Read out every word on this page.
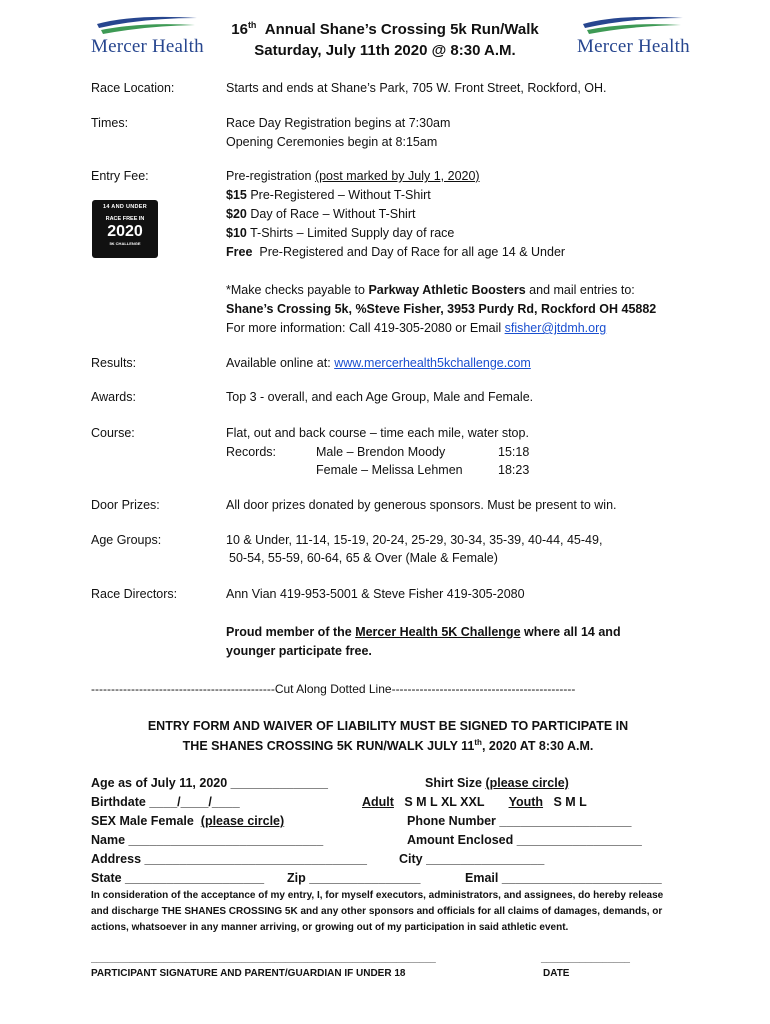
Mercer Health	Mercer Health
16th Annual Shane’s Crossing 5k Run/Walk
Saturday, July 11th 2020 @ 8:30 A.M.
Race Location:	Starts and ends at Shane’s Park, 705 W. Front Street, Rockford, OH.
Times:	Race Day Registration begins at 7:30am
Opening Ceremonies begin at 8:15am
Entry Fee:
14 AND UNDER
RACE FREE IN
2020
5K CHALLENGE
Pre-registration (post marked by July 1, 2020)
$15 Pre-Registered – Without T-Shirt
$20 Day of Race – Without T-Shirt
$10 T-Shirts – Limited Supply day of race
Free Pre-Registered and Day of Race for all age 14 & Under
*Make checks payable to Parkway Athletic Boosters and mail entries to:
Shane’s Crossing 5k, %Steve Fisher, 3953 Purdy Rd, Rockford OH 45882
For more information: Call 419-305-2080 or Email sfisher@jtdmh.org
Results:	Available online at: www.mercerhealth5kchallenge.com
Awards:	Top 3 - overall, and each Age Group, Male and Female.
Course:	Flat, out and back course – time each mile, water stop.
Records:	Male – Brendon Moody	15:18
Female – Melissa Lehmen	18:23
Door Prizes:	All door prizes donated by generous sponsors. Must be present to win.
Age Groups:	10 & Under, 11-14, 15-19, 20-24, 25-29, 30-34, 35-39, 40-44, 45-49,
50-54, 55-59, 60-64, 65 & Over (Male & Female)
Race Directors:	Ann Vian 419-953-5001 & Steve Fisher 419-305-2080
Proud member of the Mercer Health 5K Challenge where all 14 and
younger participate free.
----------------------------------------------Cut Along Dotted Line----------------------------------------------
ENTRY FORM AND WAIVER OF LIABILITY MUST BE SIGNED TO PARTICIPATE IN
THE SHANES CROSSING 5K RUN/WALK JULY 11th, 2020 AT 8:30 A.M.
Age as of July 11, 2020 ______________	Shirt Size (please circle)
Birthdate ____/____/____	Adult S M L XL XXL Youth S M L
SEX Male Female (please circle)	Phone Number ___________________
Name ____________________________	Amount Enclosed __________________
Address ________________________________	City _________________
State ____________________ Zip ________________	Email _______________________
In consideration of the acceptance of my entry, I, for myself executors, administrators, and assignees, do hereby release and discharge THE SHANES CROSSING 5K and any other sponsors and officials for all claims of damages, demands, or actions, whatsoever in any manner arriving, or growing out of my participation in said athletic event.
______________________________________________________________	________________
PARTICIPANT SIGNATURE AND PARENT/GUARDIAN IF UNDER 18	DATE
